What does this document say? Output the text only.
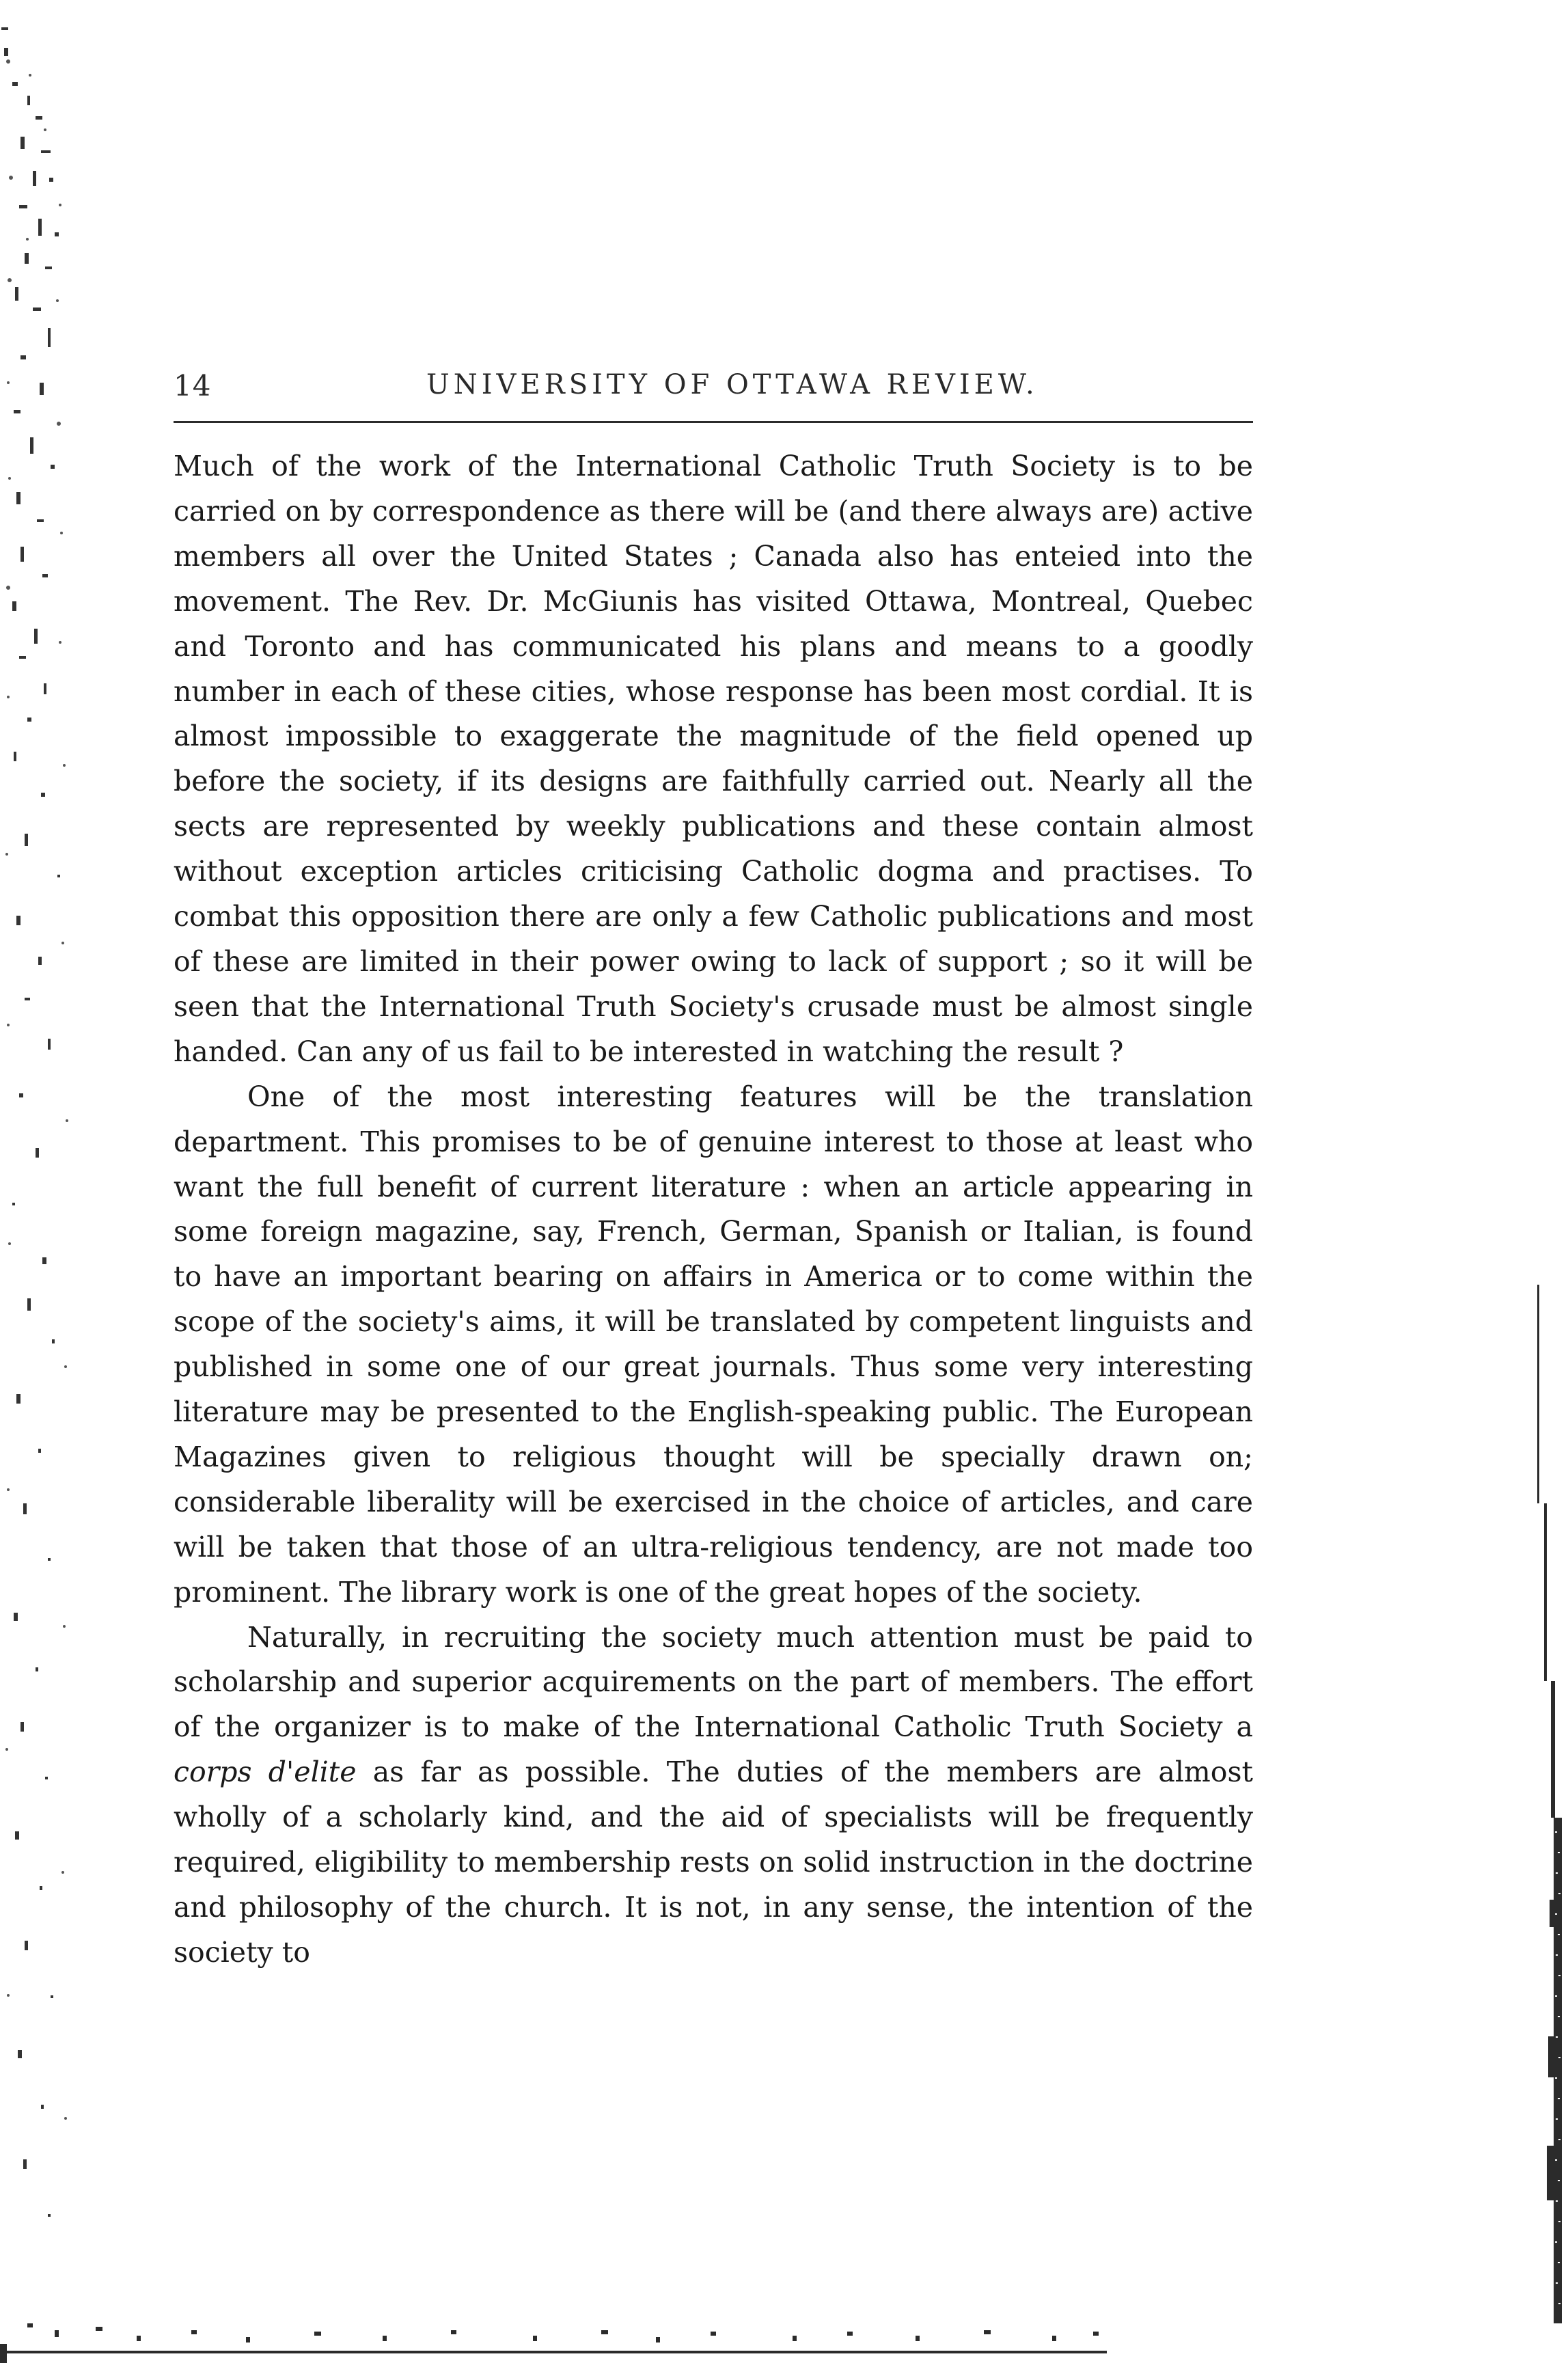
14	UNIVERSITY OF OTTAWA REVIEW.

Much of the work of the International Catholic Truth Society is to be carried on by correspondence as there will be (and there always are) active members all over the United States ; Canada also has enteied into the movement. The Rev. Dr. McGiunis has visited Ottawa, Montreal, Quebec and Toronto and has communicated his plans and means to a goodly number in each of these cities, whose response has been most cordial. It is almost impossible to exaggerate the magnitude of the field opened up before the society, if its designs are faithfully carried out. Nearly all the sects are represented by weekly publications and these contain almost without exception articles criticising Catholic dogma and practises. To combat this opposition there are only a few Catholic publications and most of these are limited in their power owing to lack of support ; so it will be seen that the International Truth Society's crusade must be almost single handed. Can any of us fail to be interested in watching the result ?

One of the most interesting features will be the translation department. This promises to be of genuine interest to those at least who want the full benefit of current literature : when an article appearing in some foreign magazine, say, French, German, Spanish or Italian, is found to have an important bearing on affairs in America or to come within the scope of the society's aims, it will be translated by competent linguists and published in some one of our great journals. Thus some very interesting literature may be presented to the English-speaking public. The European Magazines given to religious thought will be specially drawn on; considerable liberality will be exercised in the choice of articles, and care will be taken that those of an ultra-religious tendency, are not made too prominent. The library work is one of the great hopes of the society.

Naturally, in recruiting the society much attention must be paid to scholarship and superior acquirements on the part of members. The effort of the organizer is to make of the International Catholic Truth Society a corps d'elite as far as possible. The duties of the members are almost wholly of a scholarly kind, and the aid of specialists will be frequently required, eligibility to membership rests on solid instruction in the doctrine and philosophy of the church. It is not, in any sense, the intention of the society to
